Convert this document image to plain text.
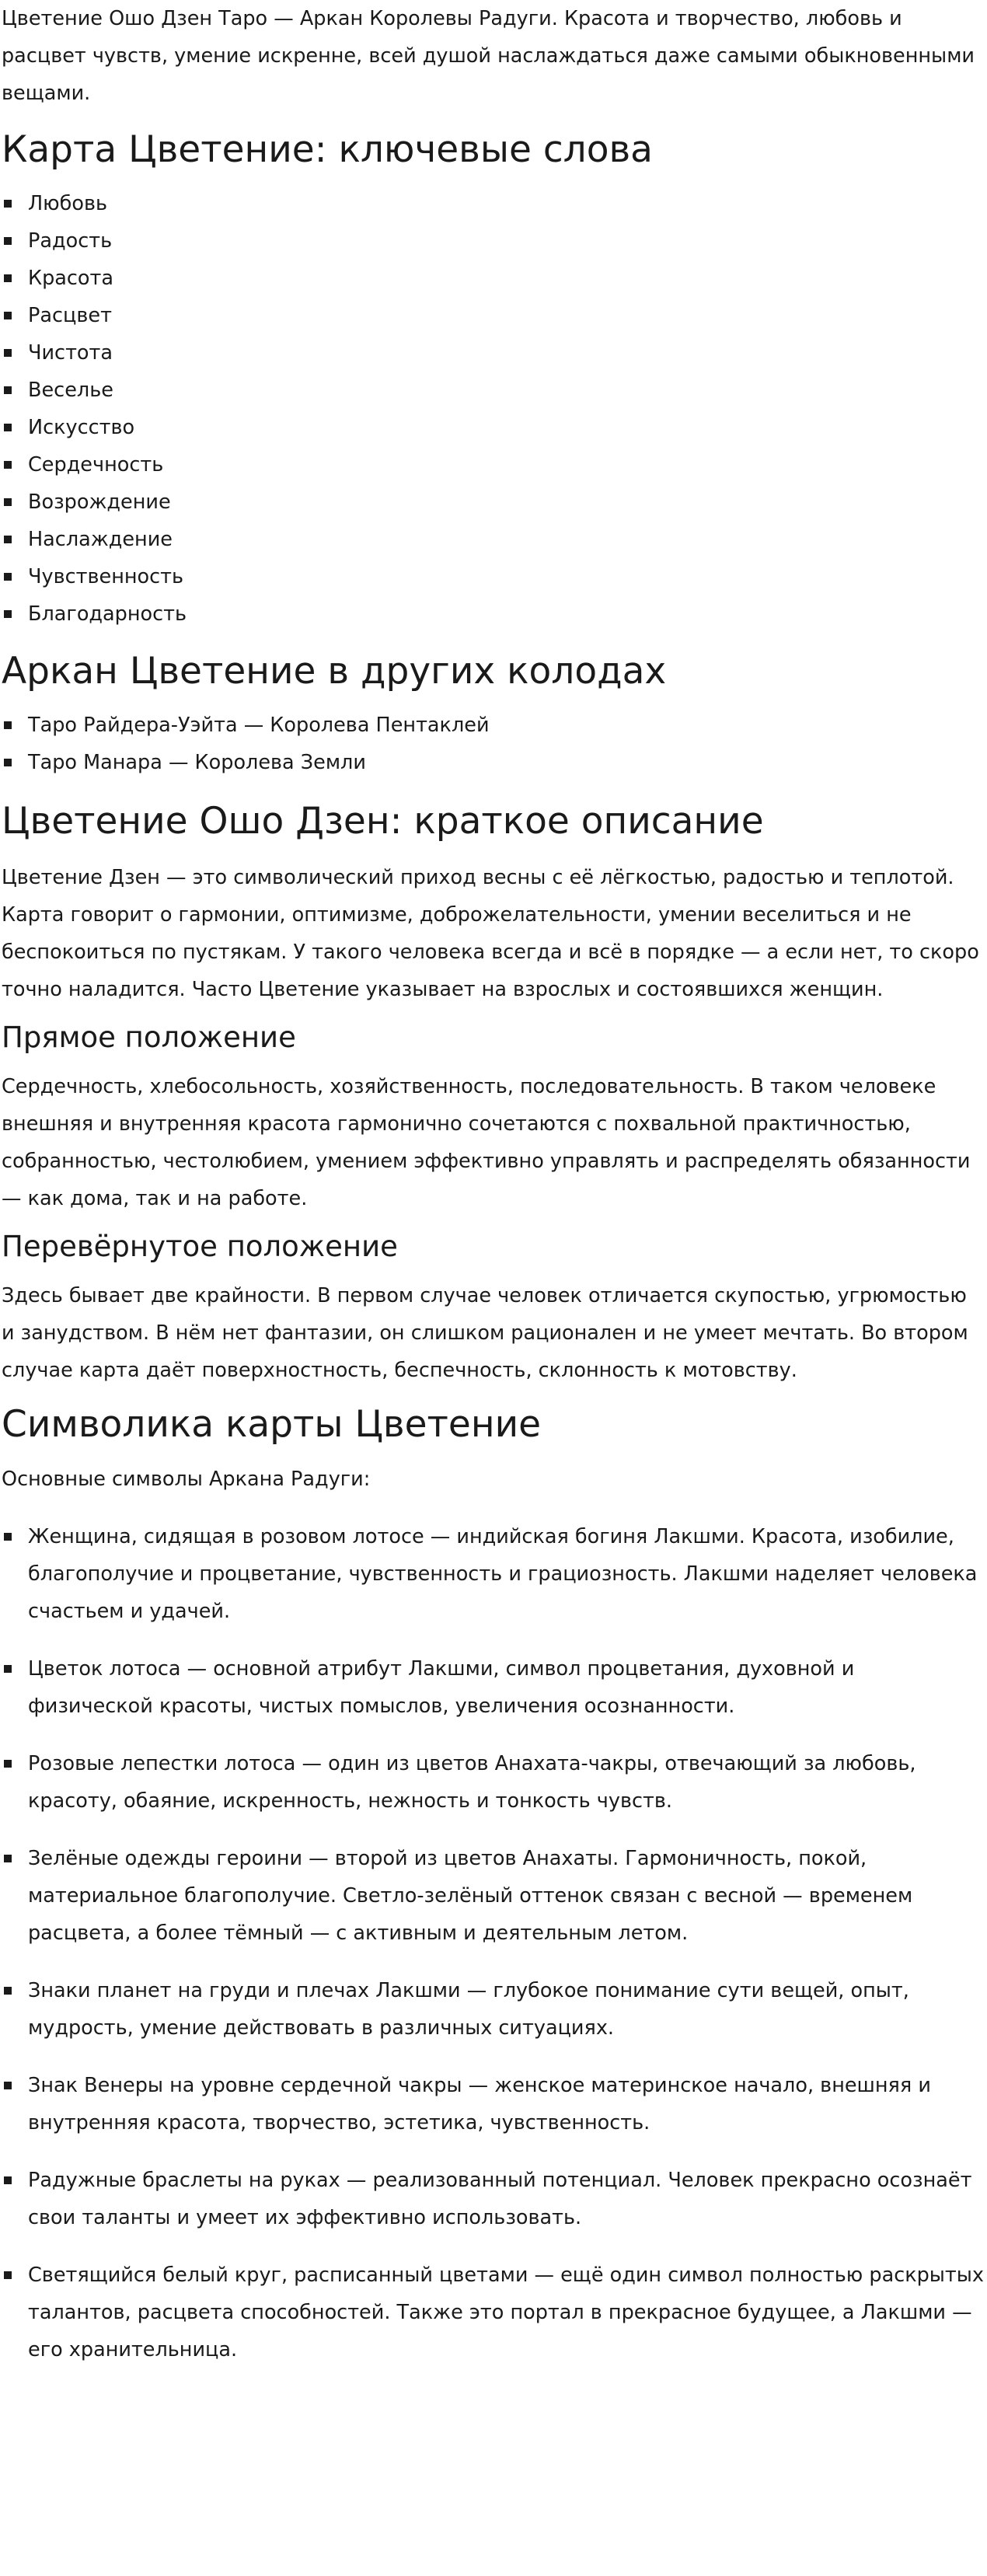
Цветение Ошо Дзен Таро — Аркан Королевы Радуги. Красота и творчество, любовь и расцвет чувств, умение искренне, всей душой наслаждаться даже самыми обыкновенными вещами.

Карта Цветение: ключевые слова
Любовь
Радость
Красота
Расцвет
Чистота
Веселье
Искусство
Сердечность
Возрождение
Наслаждение
Чувственность
Благодарность
Аркан Цветение в других колодах
Таро Райдера-Уэйта — Королева Пентаклей
Таро Манара — Королева Земли
Цветение Ошо Дзен: краткое описание

Цветение Дзен — это символический приход весны с её лёгкостью, радостью и теплотой. Карта говорит о гармонии, оптимизме, доброжелательности, умении веселиться и не беспокоиться по пустякам. У такого человека всегда и всё в порядке — а если нет, то скоро точно наладится. Часто Цветение указывает на взрослых и состоявшихся женщин.

Прямое положение

Сердечность, хлебосольность, хозяйственность, последовательность. В таком человеке внешняя и внутренняя красота гармонично сочетаются с похвальной практичностью, собранностью, честолюбием, умением эффективно управлять и распределять обязанности — как дома, так и на работе.

Перевёрнутое положение

Здесь бывает две крайности. В первом случае человек отличается скупостью, угрюмостью и занудством. В нём нет фантазии, он слишком рационален и не умеет мечтать. Во втором случае карта даёт поверхностность, беспечность, склонность к мотовству.

Символика карты Цветение

Основные символы Аркана Радуги:

Женщина, сидящая в розовом лотосе — индийская богиня Лакшми. Красота, изобилие, благополучие и процветание, чувственность и грациозность. Лакшми наделяет человека счастьем и удачей.
Цветок лотоса — основной атрибут Лакшми, символ процветания, духовной и физической красоты, чистых помыслов, увеличения осознанности.
Розовые лепестки лотоса — один из цветов Анахата-чакры, отвечающий за любовь, красоту, обаяние, искренность, нежность и тонкость чувств.
Зелёные одежды героини — второй из цветов Анахаты. Гармоничность, покой, материальное благополучие. Светло-зелёный оттенок связан с весной — временем расцвета, а более тёмный — с активным и деятельным летом.
Знаки планет на груди и плечах Лакшми — глубокое понимание сути вещей, опыт, мудрость, умение действовать в различных ситуациях.
Знак Венеры на уровне сердечной чакры — женское материнское начало, внешняя и внутренняя красота, творчество, эстетика, чувственность.
Радужные браслеты на руках — реализованный потенциал. Человек прекрасно осознаёт свои таланты и умеет их эффективно использовать.
Светящийся белый круг, расписанный цветами — ещё один символ полностью раскрытых талантов, расцвета способностей. Также это портал в прекрасное будущее, а Лакшми — его хранительница.
